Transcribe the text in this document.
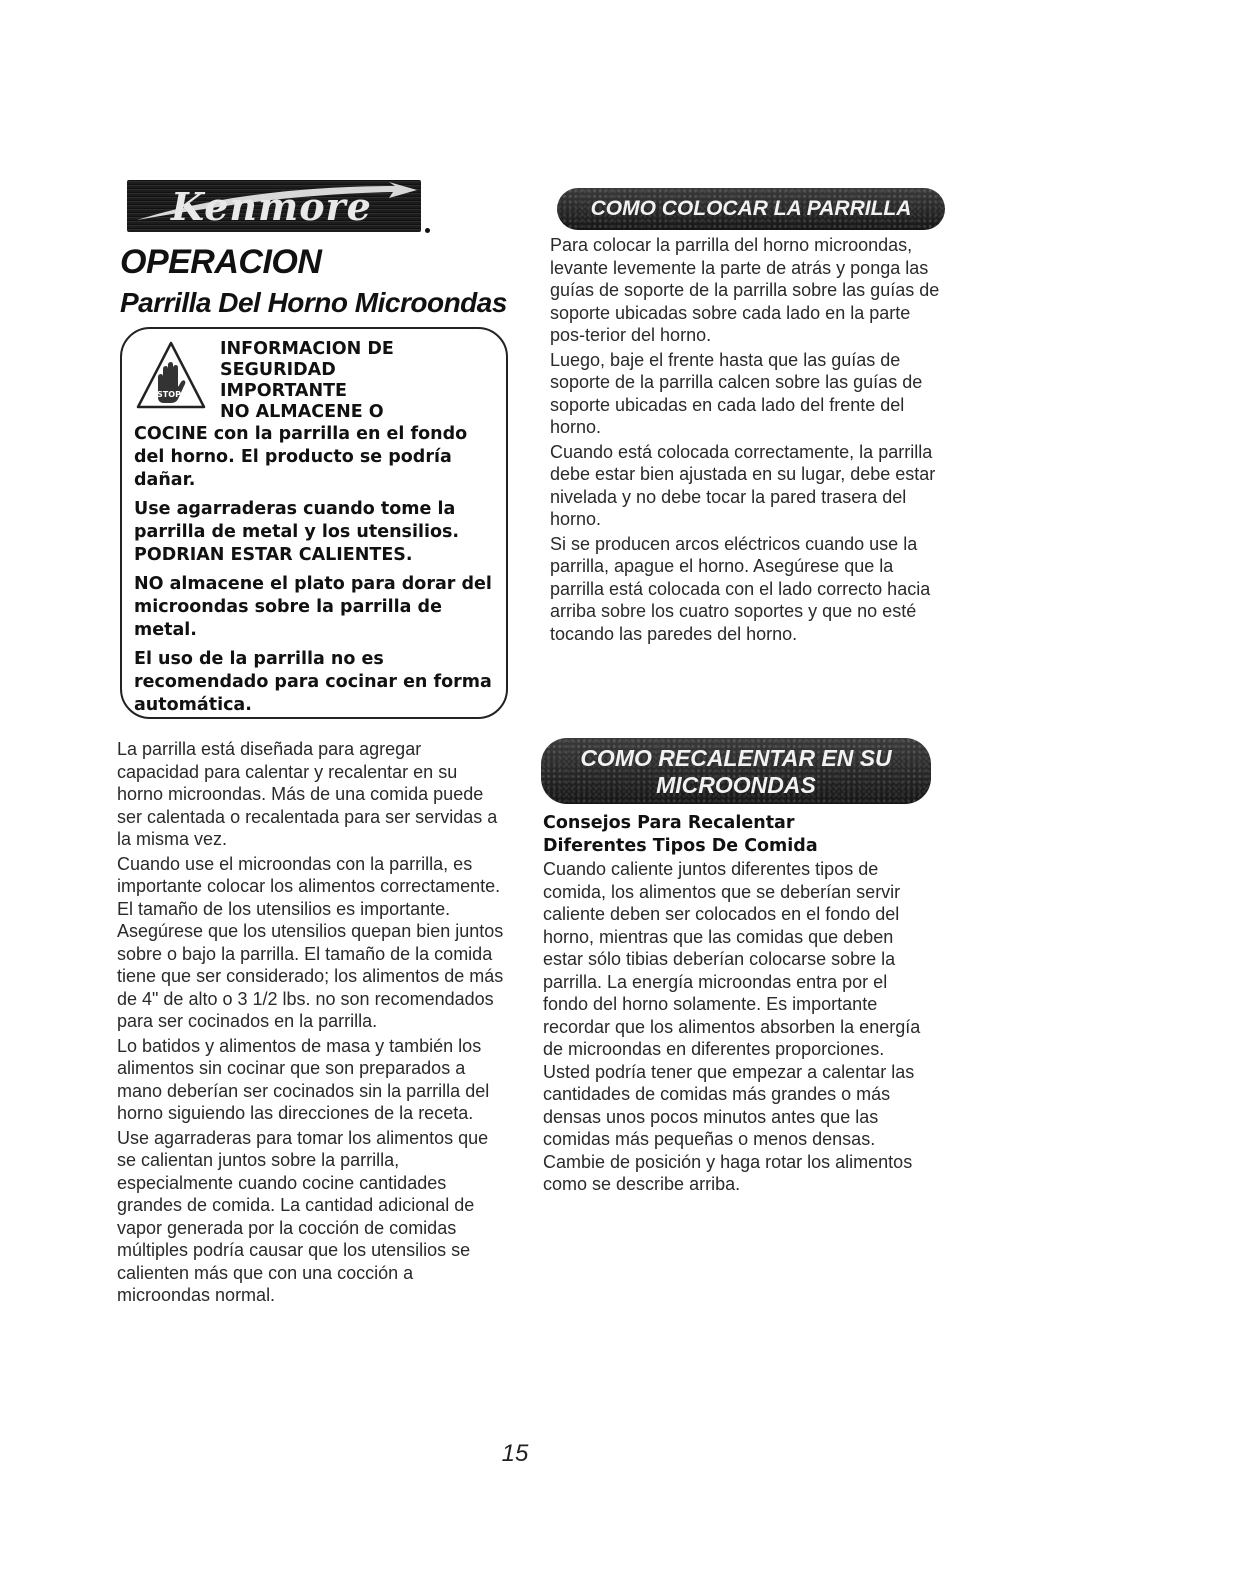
Kenmore
OPERACION
Parrilla Del Horno Microondas
STOP
INFORMACION DE
SEGURIDAD
IMPORTANTE
NO ALMACENE O

COCINE con la parrilla en el fondo del horno. El producto se podría dañar.

Use agarraderas cuando tome la parrilla de metal y los utensilios. PODRIAN ESTAR CALIENTES.

NO almacene el plato para dorar del microondas sobre la parrilla de metal.

El uso de la parrilla no es recomendado para cocinar en forma automática.

La parrilla está diseñada para agregar capacidad para calentar y recalentar en su horno microondas. Más de una comida puede ser calentada o recalentada para ser servidas a la misma vez.

Cuando use el microondas con la parrilla, es importante colocar los alimentos correctamente. El tamaño de los utensilios es importante. Asegúrese que los utensilios quepan bien juntos sobre o bajo la parrilla. El tamaño de la comida tiene que ser considerado; los alimentos de más de 4" de alto o 3 1/2 lbs. no son recomendados para ser cocinados en la parrilla.

Lo batidos y alimentos de masa y también los alimentos sin cocinar que son preparados a mano deberían ser cocinados sin la parrilla del horno siguiendo las direcciones de la receta.

Use agarraderas para tomar los alimentos que se calientan juntos sobre la parrilla, especialmente cuando cocine cantidades grandes de comida. La cantidad adicional de vapor generada por la cocción de comidas múltiples podría causar que los utensilios se calienten más que con una cocción a microondas normal.

COMO COLOCAR LA PARRILLA

Para colocar la parrilla del horno microondas, levante levemente la parte de atrás y ponga las guías de soporte de la parrilla sobre las guías de soporte ubicadas sobre cada lado en la parte pos-terior del horno.

Luego, baje el frente hasta que las guías de soporte de la parrilla calcen sobre las guías de soporte ubicadas en cada lado del frente del horno.

Cuando está colocada correctamente, la parrilla debe estar bien ajustada en su lugar, debe estar nivelada y no debe tocar la pared trasera del horno.

Si se producen arcos eléctricos cuando use la parrilla, apague el horno. Asegúrese que la parrilla está colocada con el lado correcto hacia arriba sobre los cuatro soportes y que no esté tocando las paredes del horno.

COMO RECALENTAR EN SU
MICROONDAS
Consejos Para Recalentar
Diferentes Tipos De Comida

Cuando caliente juntos diferentes tipos de comida, los alimentos que se deberían servir caliente deben ser colocados en el fondo del horno, mientras que las comidas que deben estar sólo tibias deberían colocarse sobre la parrilla. La energía microondas entra por el fondo del horno solamente. Es importante recordar que los alimentos absorben la energía de microondas en diferentes proporciones. Usted podría tener que empezar a calentar las cantidades de comidas más grandes o más densas unos pocos minutos antes que las comidas más pequeñas o menos densas. Cambie de posición y haga rotar los alimentos como se describe arriba.

15
